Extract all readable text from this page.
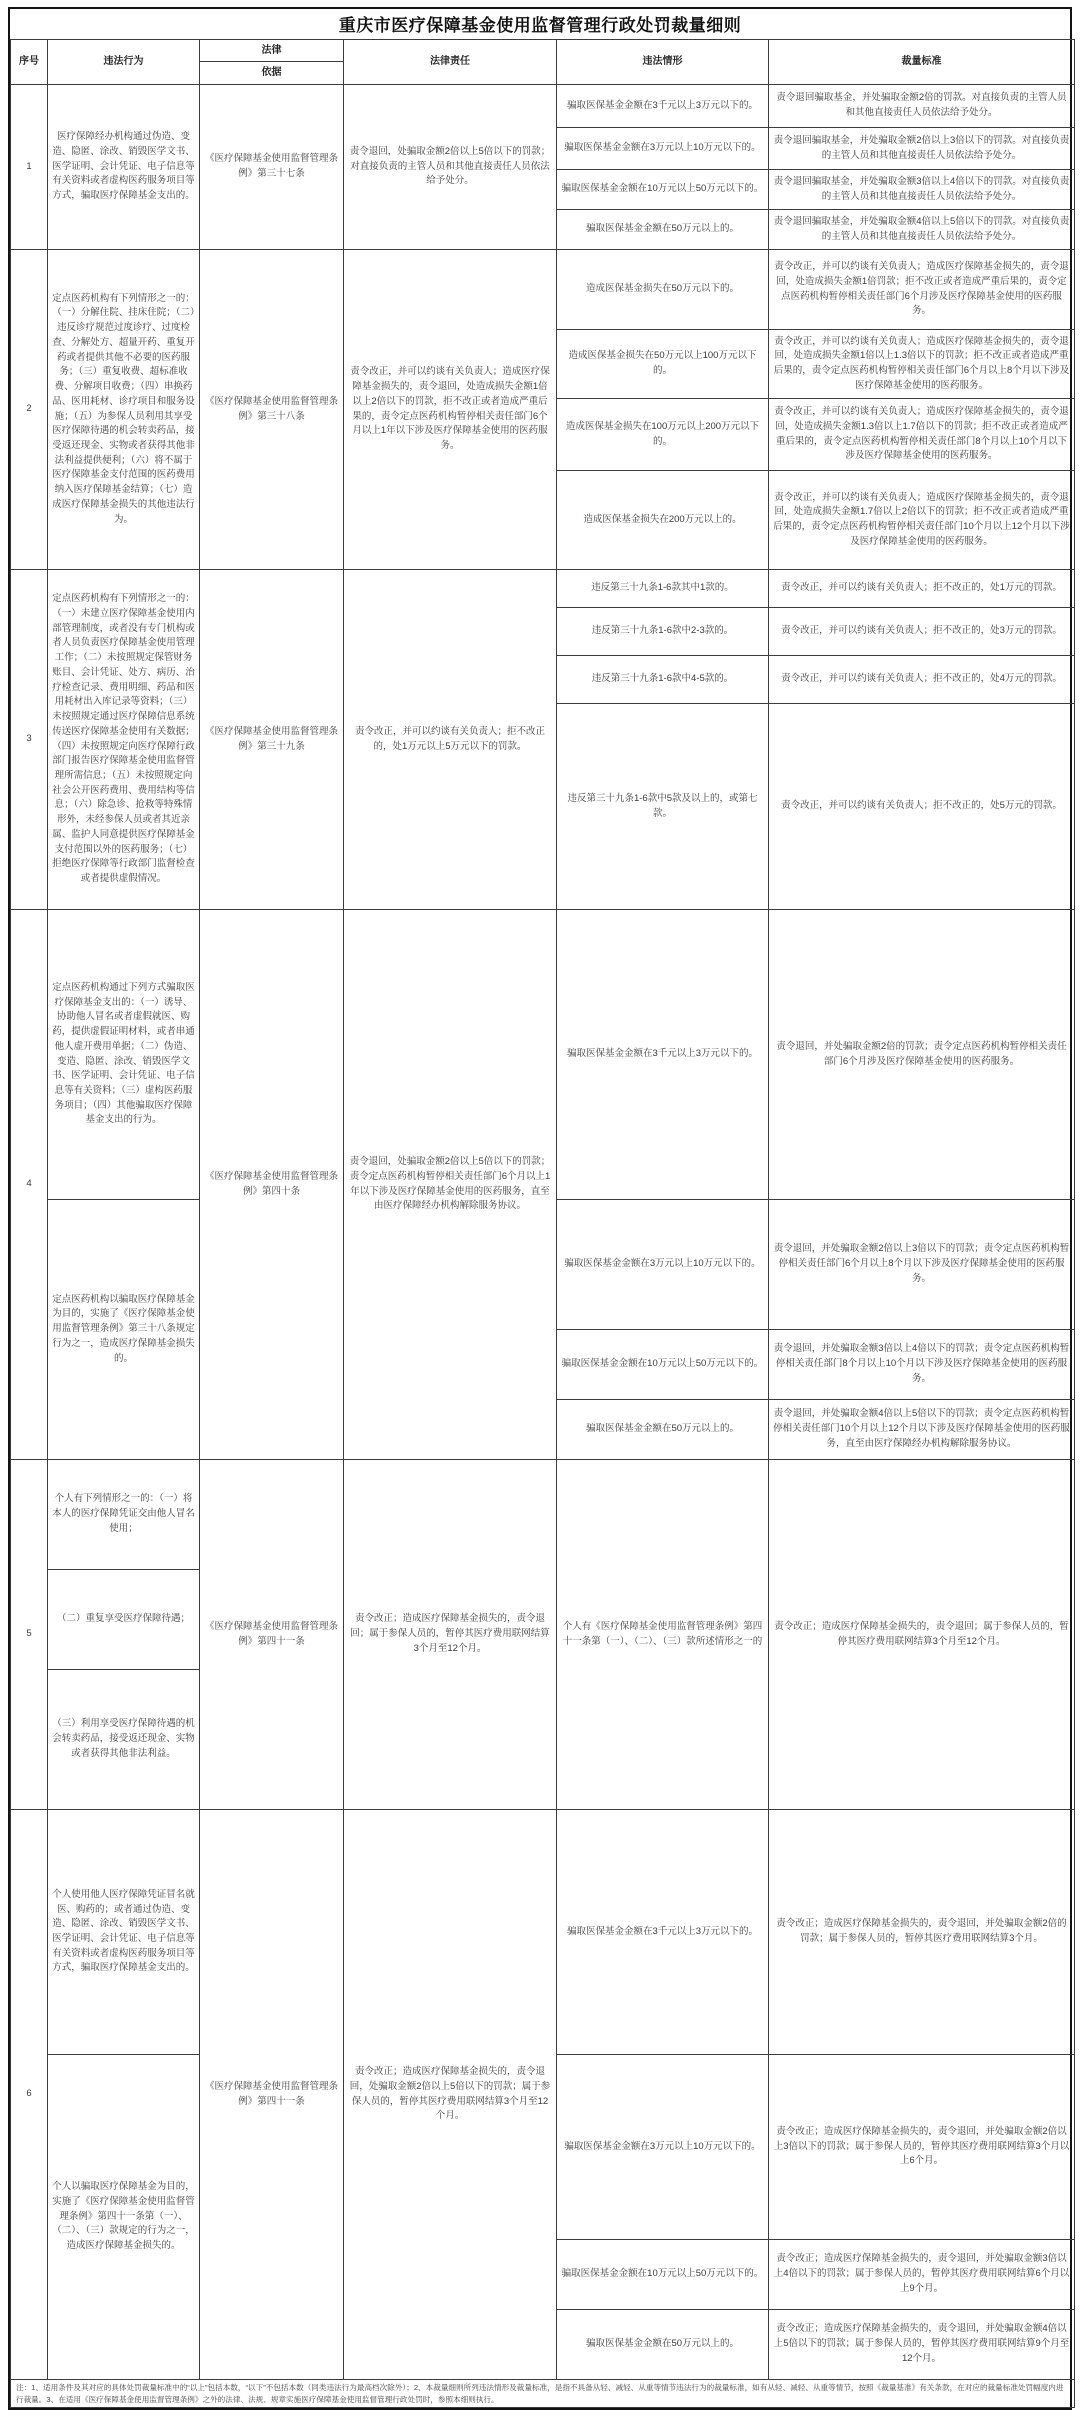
重庆市医疗保障基金使用监督管理行政处罚裁量细则
序号	违法行为	法律	法律责任	违法情形	裁量标准
		依据			
1	医疗保障经办机构通过伪造、变造、隐匿、涂改、销毁医学文书、医学证明、会计凭证、电子信息等有关资料或者虚构医药服务项目等方式，骗取医疗保障基金支出的。	《医疗保障基金使用监督管理条例》第三十七条	责令退回，处骗取金额2倍以上5倍以下的罚款；对直接负责的主管人员和其他直接责任人员依法给予处分。	骗取医保基金金额在3千元以上3万元以下的。	责令退回骗取基金，并处骗取金额2倍的罚款。对直接负责的主管人员和其他直接责任人员依法给予处分。
				骗取医保基金金额在3万元以上10万元以下的。	责令退回骗取基金，并处骗取金额2倍以上3倍以下的罚款。对直接负责的主管人员和其他直接责任人员依法给予处分。
				骗取医保基金金额在10万元以上50万元以下的。	责令退回骗取基金，并处骗取金额3倍以上4倍以下的罚款。对直接负责的主管人员和其他直接责任人员依法给予处分。
				骗取医保基金金额在50万元以上的。	责令退回骗取基金，并处骗取金额4倍以上5倍以下的罚款。对直接负责的主管人员和其他直接责任人员依法给予处分。
2	定点医药机构有下列情形之一的：（一）分解住院、挂床住院；（二）违反诊疗规范过度诊疗、过度检查、分解处方、超量开药、重复开药或者提供其他不必要的医药服务；（三）重复收费、超标准收费、分解项目收费；（四）串换药品、医用耗材、诊疗项目和服务设施；（五）为参保人员利用其享受医疗保障待遇的机会转卖药品，接受返还现金、实物或者获得其他非法利益提供便利；（六）将不属于医疗保障基金支付范围的医药费用纳入医疗保障基金结算；（七）造成医疗保障基金损失的其他违法行为。	《医疗保障基金使用监督管理条例》第三十八条	责令改正，并可以约谈有关负责人；造成医疗保障基金损失的，责令退回，处造成损失金额1倍以上2倍以下的罚款，拒不改正或者造成严重后果的，责令定点医药机构暂停相关责任部门6个月以上1年以下涉及医疗保障基金使用的医药服务。	造成医保基金损失在50万元以下的。	责令改正，并可以约谈有关负责人；造成医疗保障基金损失的，责令退回，处造成损失金额1倍罚款；拒不改正或者造成严重后果的，责令定点医药机构暂停相关责任部门6个月涉及医疗保障基金使用的医药服务。
				造成医保基金损失在50万元以上100万元以下的。	责令改正，并可以约谈有关负责人；造成医疗保障基金损失的，责令退回，处造成损失金额1倍以上1.3倍以下的罚款；拒不改正或者造成严重后果的，责令定点医药机构暂停相关责任部门6个月以上8个月以下涉及医疗保障基金使用的医药服务。
				造成医保基金损失在100万元以上200万元以下的。	责令改正，并可以约谈有关负责人；造成医疗保障基金损失的，责令退回，处造成损失金额1.3倍以上1.7倍以下的罚款；拒不改正或者造成严重后果的，责令定点医药机构暂停相关责任部门8个月以上10个月以下涉及医疗保障基金使用的医药服务。
				造成医保基金损失在200万元以上的。	责令改正，并可以约谈有关负责人；造成医疗保障基金损失的，责令退回，处造成损失金额1.7倍以上2倍以下的罚款；拒不改正或者造成严重后果的，责令定点医药机构暂停相关责任部门10个月以上12个月以下涉及医疗保障基金使用的医药服务。
3	定点医药机构有下列情形之一的：（一）未建立医疗保障基金使用内部管理制度，或者没有专门机构或者人员负责医疗保障基金使用管理工作；（二）未按照规定保管财务账目、会计凭证、处方、病历、治疗检查记录、费用明细、药品和医用耗材出入库记录等资料；（三）未按照规定通过医疗保障信息系统传送医疗保障基金使用有关数据；（四）未按照规定向医疗保障行政部门报告医疗保障基金使用监督管理所需信息；（五）未按照规定向社会公开医药费用、费用结构等信息；（六）除急诊、抢救等特殊情形外，未经参保人员或者其近亲属、监护人同意提供医疗保障基金支付范围以外的医药服务；（七）拒绝医疗保障等行政部门监督检查或者提供虚假情况。	《医疗保障基金使用监督管理条例》第三十九条	责令改正，并可以约谈有关负责人；拒不改正的，处1万元以上5万元以下的罚款。	违反第三十九条1-6款其中1款的。	责令改正，并可以约谈有关负责人；拒不改正的，处1万元的罚款。
				违反第三十九条1-6款中2-3款的。	责令改正，并可以约谈有关负责人；拒不改正的，处3万元的罚款。
				违反第三十九条1-6款中4-5款的。	责令改正，并可以约谈有关负责人；拒不改正的，处4万元的罚款。
				违反第三十九条1-6款中5款及以上的，或第七款。	责令改正，并可以约谈有关负责人；拒不改正的，处5万元的罚款。
4	定点医药机构通过下列方式骗取医疗保障基金支出的：（一）诱导、协助他人冒名或者虚假就医、购药，提供虚假证明材料，或者串通他人虚开费用单据；（二）伪造、变造、隐匿、涂改、销毁医学文书、医学证明、会计凭证、电子信息等有关资料；（三）虚构医药服务项目；（四）其他骗取医疗保障基金支出的行为。	《医疗保障基金使用监督管理条例》第四十条	责令退回，处骗取金额2倍以上5倍以下的罚款；责令定点医药机构暂停相关责任部门6个月以上1年以下涉及医疗保障基金使用的医药服务，直至由医疗保障经办机构解除服务协议。	骗取医保基金金额在3千元以上3万元以下的。	责令退回，并处骗取金额2倍的罚款；责令定点医药机构暂停相关责任部门6个月涉及医疗保障基金使用的医药服务。
	定点医药机构以骗取医疗保障基金为目的，实施了《医疗保障基金使用监督管理条例》第三十八条规定行为之一，造成医疗保障基金损失的。			骗取医保基金金额在3万元以上10万元以下的。	责令退回，并处骗取金额2倍以上3倍以下的罚款；责令定点医药机构暂停相关责任部门6个月以上8个月以下涉及医疗保障基金使用的医药服务。
				骗取医保基金金额在10万元以上50万元以下的。	责令退回，并处骗取金额3倍以上4倍以下的罚款；责令定点医药机构暂停相关责任部门8个月以上10个月以下涉及医疗保障基金使用的医药服务。
				骗取医保基金金额在50万元以上的。	责令退回，并处骗取金额4倍以上5倍以下的罚款；责令定点医药机构暂停相关责任部门10个月以上12个月以下涉及医疗保障基金使用的医药服务，直至由医疗保障经办机构解除服务协议。
5	个人有下列情形之一的：（一）将本人的医疗保障凭证交由他人冒名使用；	《医疗保障基金使用监督管理条例》第四十一条	责令改正；造成医疗保障基金损失的，责令退回；属于参保人员的，暂停其医疗费用联网结算3个月至12个月。	个人有《医疗保障基金使用监督管理条例》第四十一条第（一）、（二）、（三）款所述情形之一的	责令改正；造成医疗保障基金损失的，责令退回；属于参保人员的，暂停其医疗费用联网结算3个月至12个月。
	（二）重复享受医疗保障待遇；				
	（三）利用享受医疗保障待遇的机会转卖药品，接受返还现金、实物或者获得其他非法利益。				
6	个人使用他人医疗保障凭证冒名就医、购药的；或者通过伪造、变造、隐匿、涂改、销毁医学文书、医学证明、会计凭证、电子信息等有关资料或者虚构医药服务项目等方式，骗取医疗保障基金支出的。	《医疗保障基金使用监督管理条例》第四十一条	责令改正；造成医疗保障基金损失的，责令退回，处骗取金额2倍以上5倍以下的罚款；属于参保人员的，暂停其医疗费用联网结算3个月至12个月。	骗取医保基金金额在3千元以上3万元以下的。	责令改正；造成医疗保障基金损失的，责令退回，并处骗取金额2倍的罚款；属于参保人员的，暂停其医疗费用联网结算3个月。
	个人以骗取医疗保障基金为目的，实施了《医疗保障基金使用监督管理条例》第四十一条第（一）、（二）、（三）款规定的行为之一，造成医疗保障基金损失的。			骗取医保基金金额在3万元以上10万元以下的。	责令改正；造成医疗保障基金损失的，责令退回，并处骗取金额2倍以上3倍以下的罚款；属于参保人员的，暂停其医疗费用联网结算3个月以上6个月。
				骗取医保基金金额在10万元以上50万元以下的。	责令改正；造成医疗保障基金损失的，责令退回，并处骗取金额3倍以上4倍以下的罚款；属于参保人员的，暂停其医疗费用联网结算6个月以上9个月。
				骗取医保基金金额在50万元以上的。	责令改正；造成医疗保障基金损失的，责令退回，并处骗取金额4倍以上5倍以下的罚款；属于参保人员的，暂停其医疗费用联网结算9个月至12个月。
注：1、适用条件及其对应的具体处罚裁量标准中的“以上”包括本数，“以下”不包括本数（同类违法行为最高档次除外）；2、本裁量细则所列违法情形及裁量标准，是指不具备从轻、减轻、从重等情节违法行为的裁量标准，如有从轻、减轻、从重等情节，按照《裁量基准》有关条款，在对应的裁量标准处罚幅度内进行裁量。3、在适用《医疗保障基金使用监督管理条例》之外的法律、法规、规章实施医疗保障基金使用监督管理行政处罚时，参照本细则执行。					
